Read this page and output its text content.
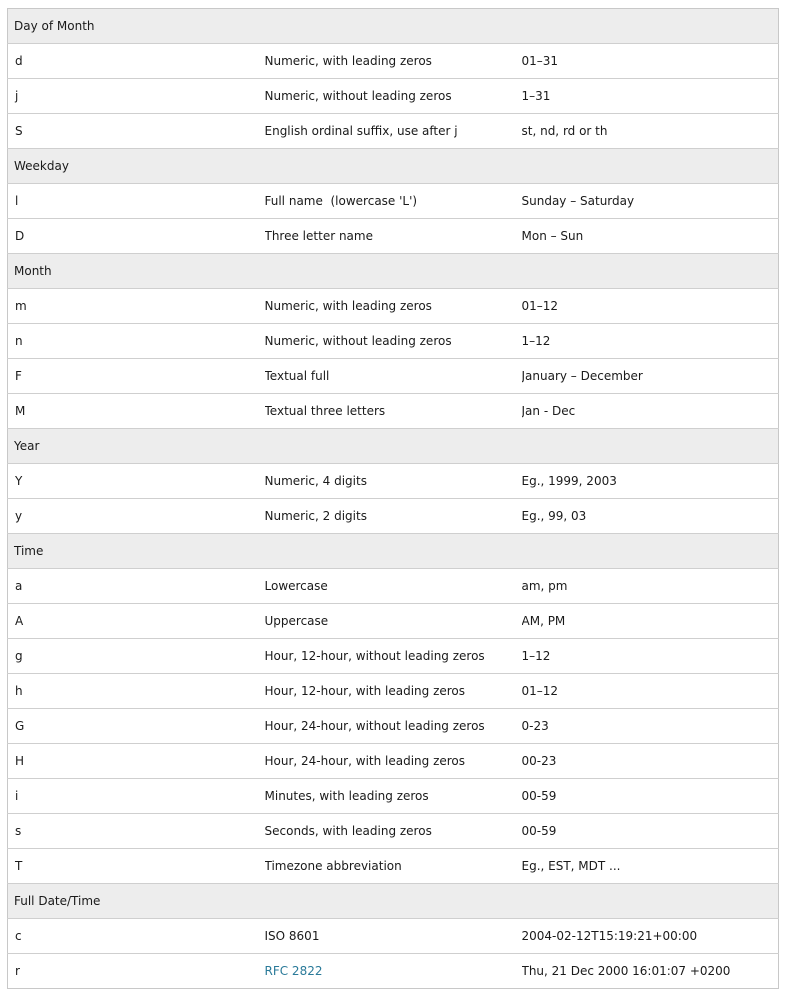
Day of Month		
d	Numeric, with leading zeros	01–31
j	Numeric, without leading zeros	1–31
S	English ordinal suffix, use after j	st, nd, rd or th
Weekday		
l	Full name  (lowercase 'L')	Sunday – Saturday
D	Three letter name	Mon – Sun
Month		
m	Numeric, with leading zeros	01–12
n	Numeric, without leading zeros	1–12
F	Textual full	January – December
M	Textual three letters	Jan - Dec
Year		
Y	Numeric, 4 digits	Eg., 1999, 2003
y	Numeric, 2 digits	Eg., 99, 03
Time		
a	Lowercase	am, pm
A	Uppercase	AM, PM
g	Hour, 12-hour, without leading zeros	1–12
h	Hour, 12-hour, with leading zeros	01–12
G	Hour, 24-hour, without leading zeros	0-23
H	Hour, 24-hour, with leading zeros	00-23
i	Minutes, with leading zeros	00-59
s	Seconds, with leading zeros	00-59
T	Timezone abbreviation	Eg., EST, MDT ...
Full Date/Time		
c	ISO 8601	2004-02-12T15:19:21+00:00
r	RFC 2822	Thu, 21 Dec 2000 16:01:07 +0200
